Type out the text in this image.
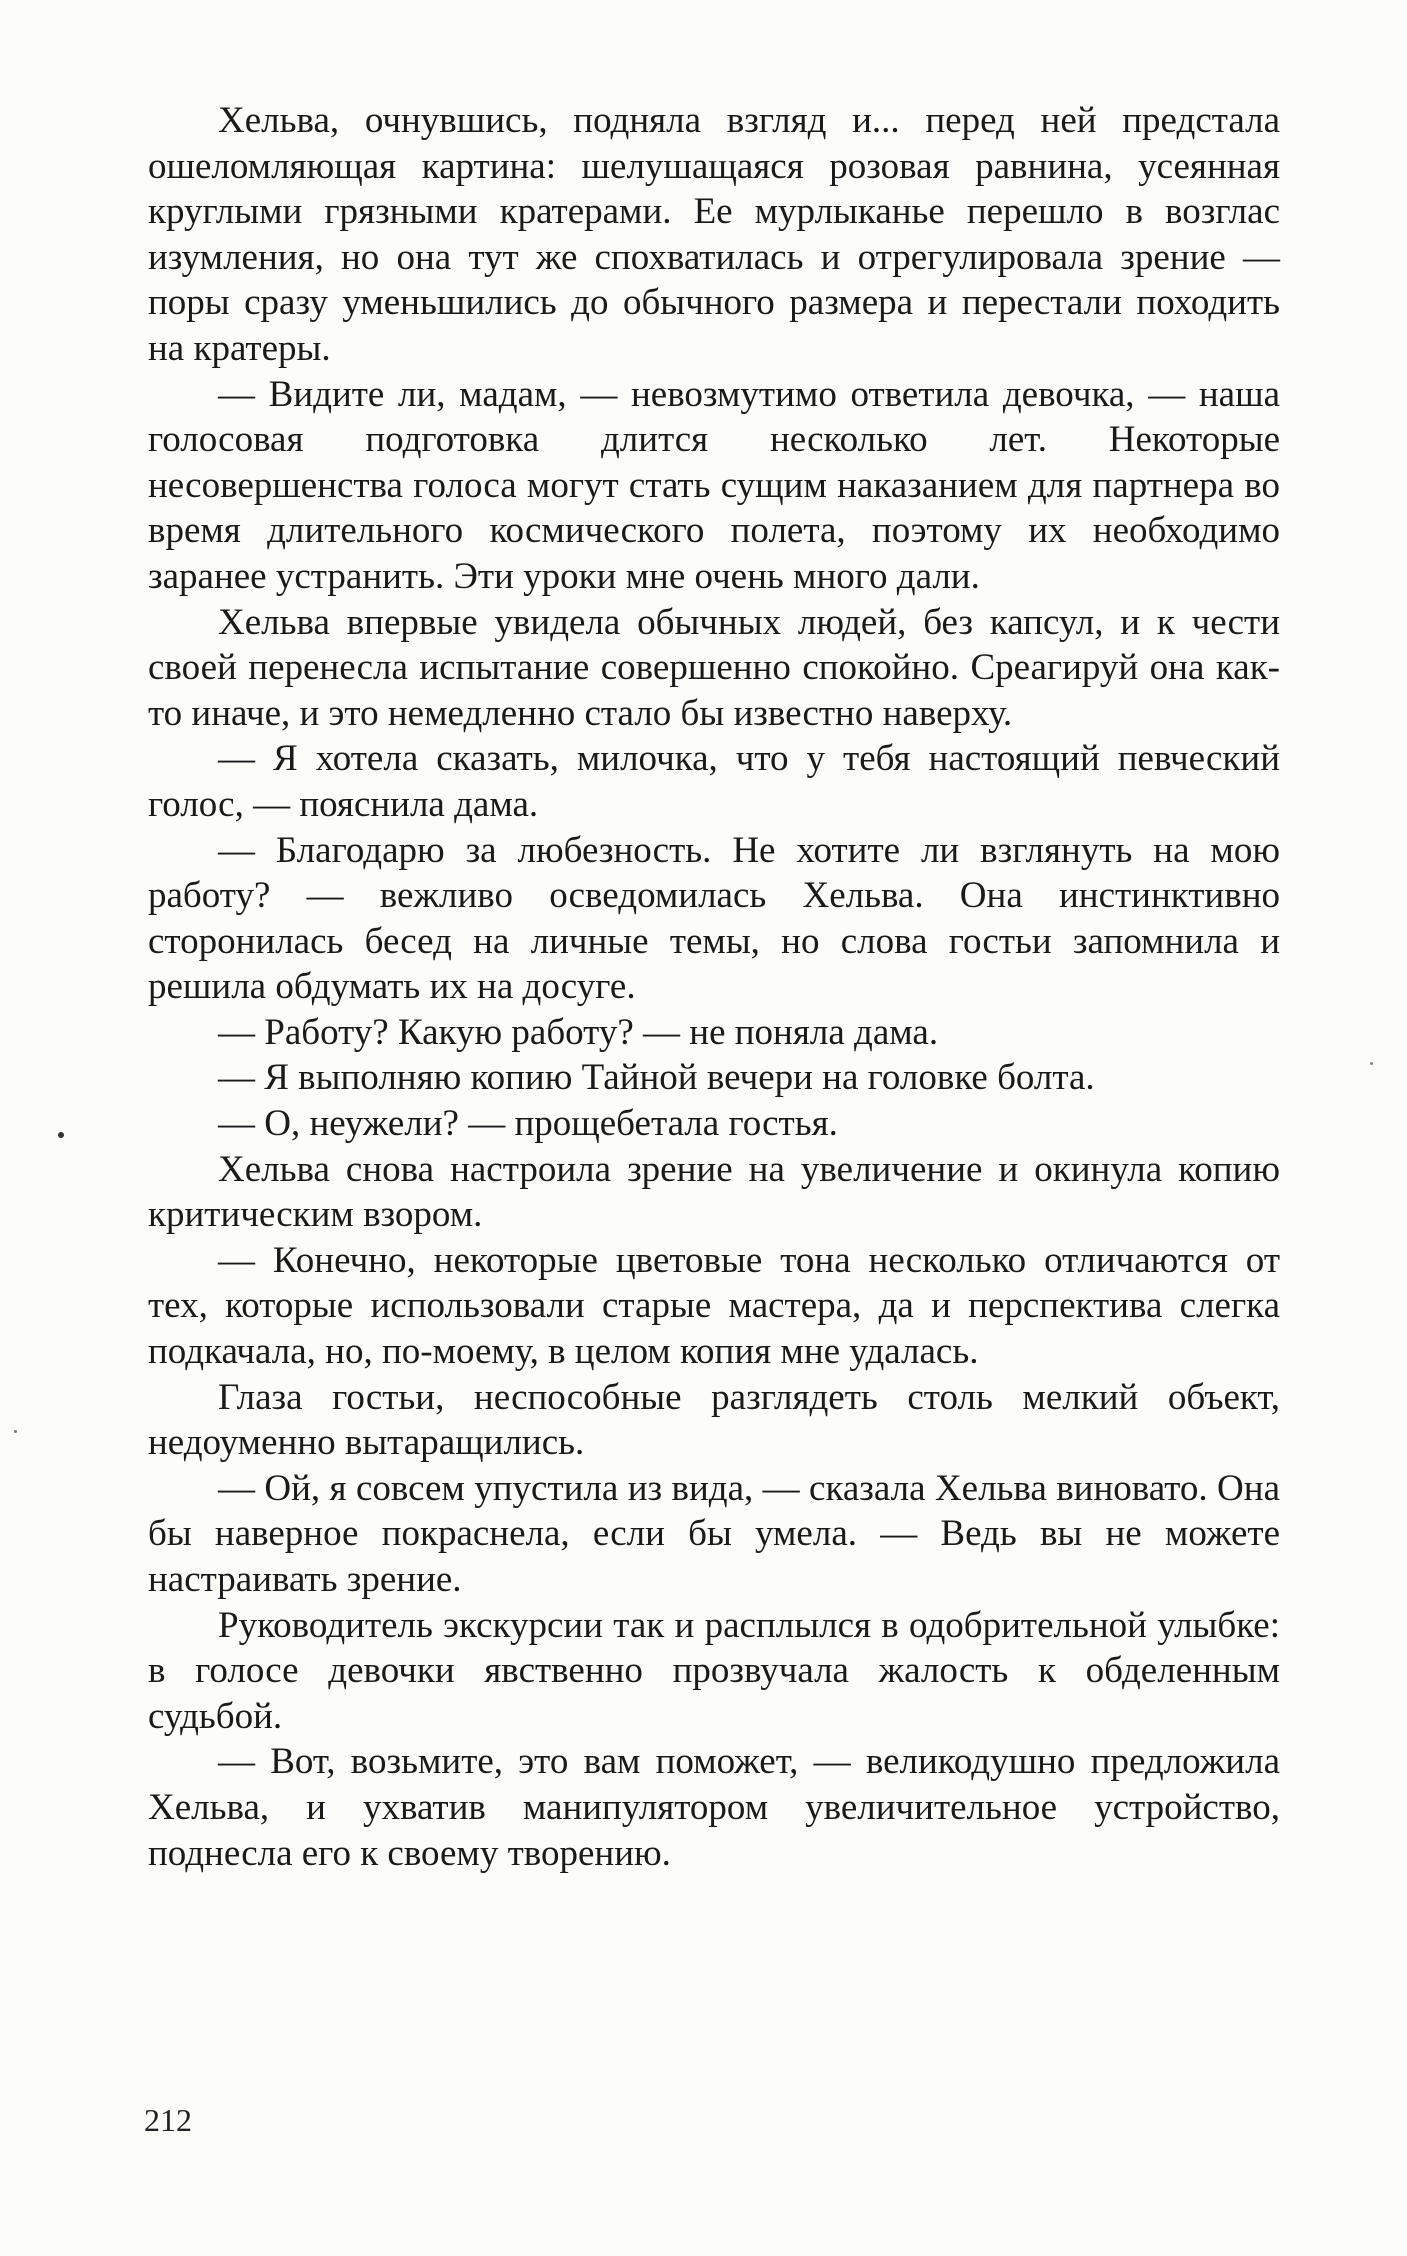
Хельва, очнувшись, подняла взгляд и... перед ней предстала ошеломляющая картина: шелушащаяся розовая равнина, усеянная круглыми грязными кратерами. Ее мурлыканье перешло в возглас изумления, но она тут же спохватилась и отрегулировала зрение — поры сразу уменьшились до обычного размера и перестали походить на кратеры.

— Видите ли, мадам, — невозмутимо ответила девочка, — наша голосовая подготовка длится несколько лет. Некоторые несовершенства голоса могут стать сущим наказанием для партнера во время длительного космического полета, поэтому их необходимо заранее устранить. Эти уроки мне очень много дали.

Хельва впервые увидела обычных людей, без капсул, и к чести своей перенесла испытание совершенно спокойно. Среагируй она как-то иначе, и это немедленно стало бы известно наверху.

— Я хотела сказать, милочка, что у тебя настоящий певческий голос, — пояснила дама.

— Благодарю за любезность. Не хотите ли взглянуть на мою работу? — вежливо осведомилась Хельва. Она инстинктивно сторонилась бесед на личные темы, но слова гостьи запомнила и решила обдумать их на досуге.

— Работу? Какую работу? — не поняла дама.

— Я выполняю копию Тайной вечери на головке болта.

— О, неужели? — прощебетала гостья.

Хельва снова настроила зрение на увеличение и окинула копию критическим взором.

— Конечно, некоторые цветовые тона несколько отличаются от тех, которые использовали старые мастера, да и перспектива слегка подкачала, но, по-моему, в целом копия мне удалась.

Глаза гостьи, неспособные разглядеть столь мелкий объект, недоуменно вытаращились.

— Ой, я совсем упустила из вида, — сказала Хельва виновато. Она бы наверное покраснела, если бы умела. — Ведь вы не можете настраивать зрение.

Руководитель экскурсии так и расплылся в одобрительной улыбке: в голосе девочки явственно прозвучала жалость к обделенным судьбой.

— Вот, возьмите, это вам поможет, — великодушно предложила Хельва, и ухватив манипулятором увеличительное устройство, поднесла его к своему творению.

212
